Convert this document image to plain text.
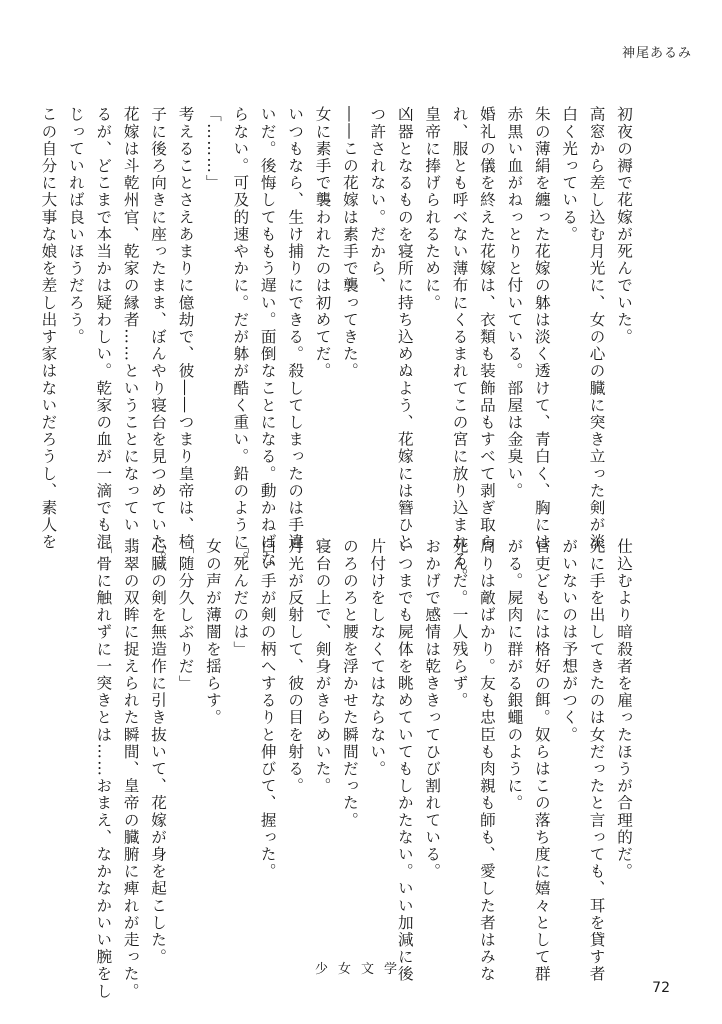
神尾あるみ

初夜の褥で花嫁が死んでいた。

高窓から差し込む月光に、女の心の臓に突き立った剣が淡

白く光っている。

朱の薄絹を纏った花嫁の躰は淡く透けて、青白く、胸には

赤黒い血がねっとりと付いている。部屋は金臭い。

婚礼の儀を終えた花嫁は、衣類も装飾品もすべて剥ぎ取ら

れ、服とも呼べない薄布にくるまれてこの宮に放り込まれる。

皇帝に捧げられるために。

凶器となるものを寝所に持ち込めぬよう、花嫁には簪ひと

つ許されない。だから、

――この花嫁は素手で襲ってきた。

女に素手で襲われたのは初めてだ。

いつもなら、生け捕りにできる。殺してしまったのは手違

いだ。後悔してももう遅い。面倒なことになる。動かねばな

らない。可及的速やかに。だが躰が酷く重い。鉛のように。

「………」

考えることさえあまりに億劫で、彼――つまり皇帝は、椅

子に後ろ向きに座ったまま、ぼんやり寝台を見つめていた。

花嫁は斗乾州官、乾家の縁者……ということになってい

るが、どこまで本当かは疑わしい。乾家の血が一滴でも混

じっていれば良いほうだろう。

この自分に大事な娘を差し出す家はないだろうし、素人を

仕込むより暗殺者を雇ったほうが合理的だ。

先に手を出してきたのは女だったと言っても、耳を貸す者

がいないのは予想がつく。

官吏どもには格好の餌。奴らはこの落ち度に嬉々として群

がる。屍肉に群がる銀蠅のように。

周りは敵ばかり。友も忠臣も肉親も師も、愛した者はみな

死んだ。一人残らず。

おかげで感情は乾ききってひび割れている。

いつまでも屍体を眺めていてもしかたない。いい加減に後

片付けをしなくてはならない。

のろのろと腰を浮かせた瞬間だった。

寝台の上で、剣身がきらめいた。

月光が反射して、彼の目を射る。

白い手が剣の柄へするりと伸びて、握った。

「死んだのは」

女の声が薄闇を揺らす。

「随分久しぶりだ」

心臓の剣を無造作に引き抜いて、花嫁が身を起こした。

翡翠の双眸に捉えられた瞬間、皇帝の臓腑に痺れが走った。

「骨に触れずに一突きとは……おまえ、なかなかいい腕をし	少女文学
72
